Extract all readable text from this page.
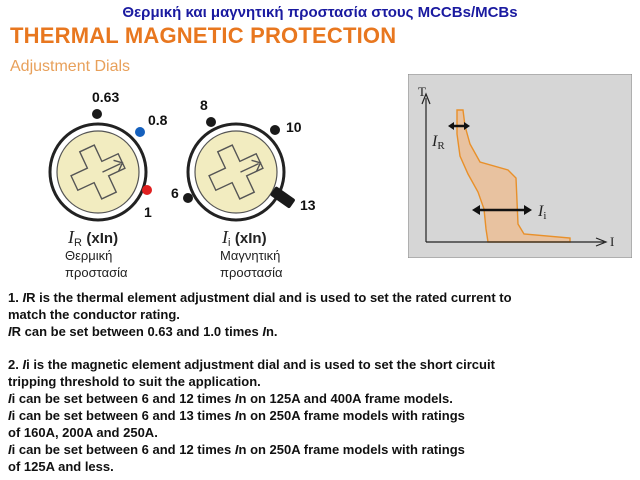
Θερμική και μαγνητική προστασία στους MCCBs/MCBs
THERMAL MAGNETIC PROTECTION
Adjustment Dials
0.63
0.8
1
8
10
6
13
$I_R$ (xIn)
Θερμική
προστασία
$I_i$ (xIn)
Μαγνητική
προστασία
T
I
IR
Ii

1. IR is the thermal element adjustment dial and is used to set the rated current to

match the conductor rating.

IR can be set between 0.63 and 1.0 times In.

2. Ii is the magnetic element adjustment dial and is used to set the short circuit

tripping threshold to suit the application.

Ii can be set between 6 and 12 times In on 125A and 400A frame models.

Ii can be set between 6 and 13 times In on 250A frame models with ratings

of 160A, 200A and 250A.

Ii can be set between 6 and 12 times In on 250A frame models with ratings

of 125A and less.
